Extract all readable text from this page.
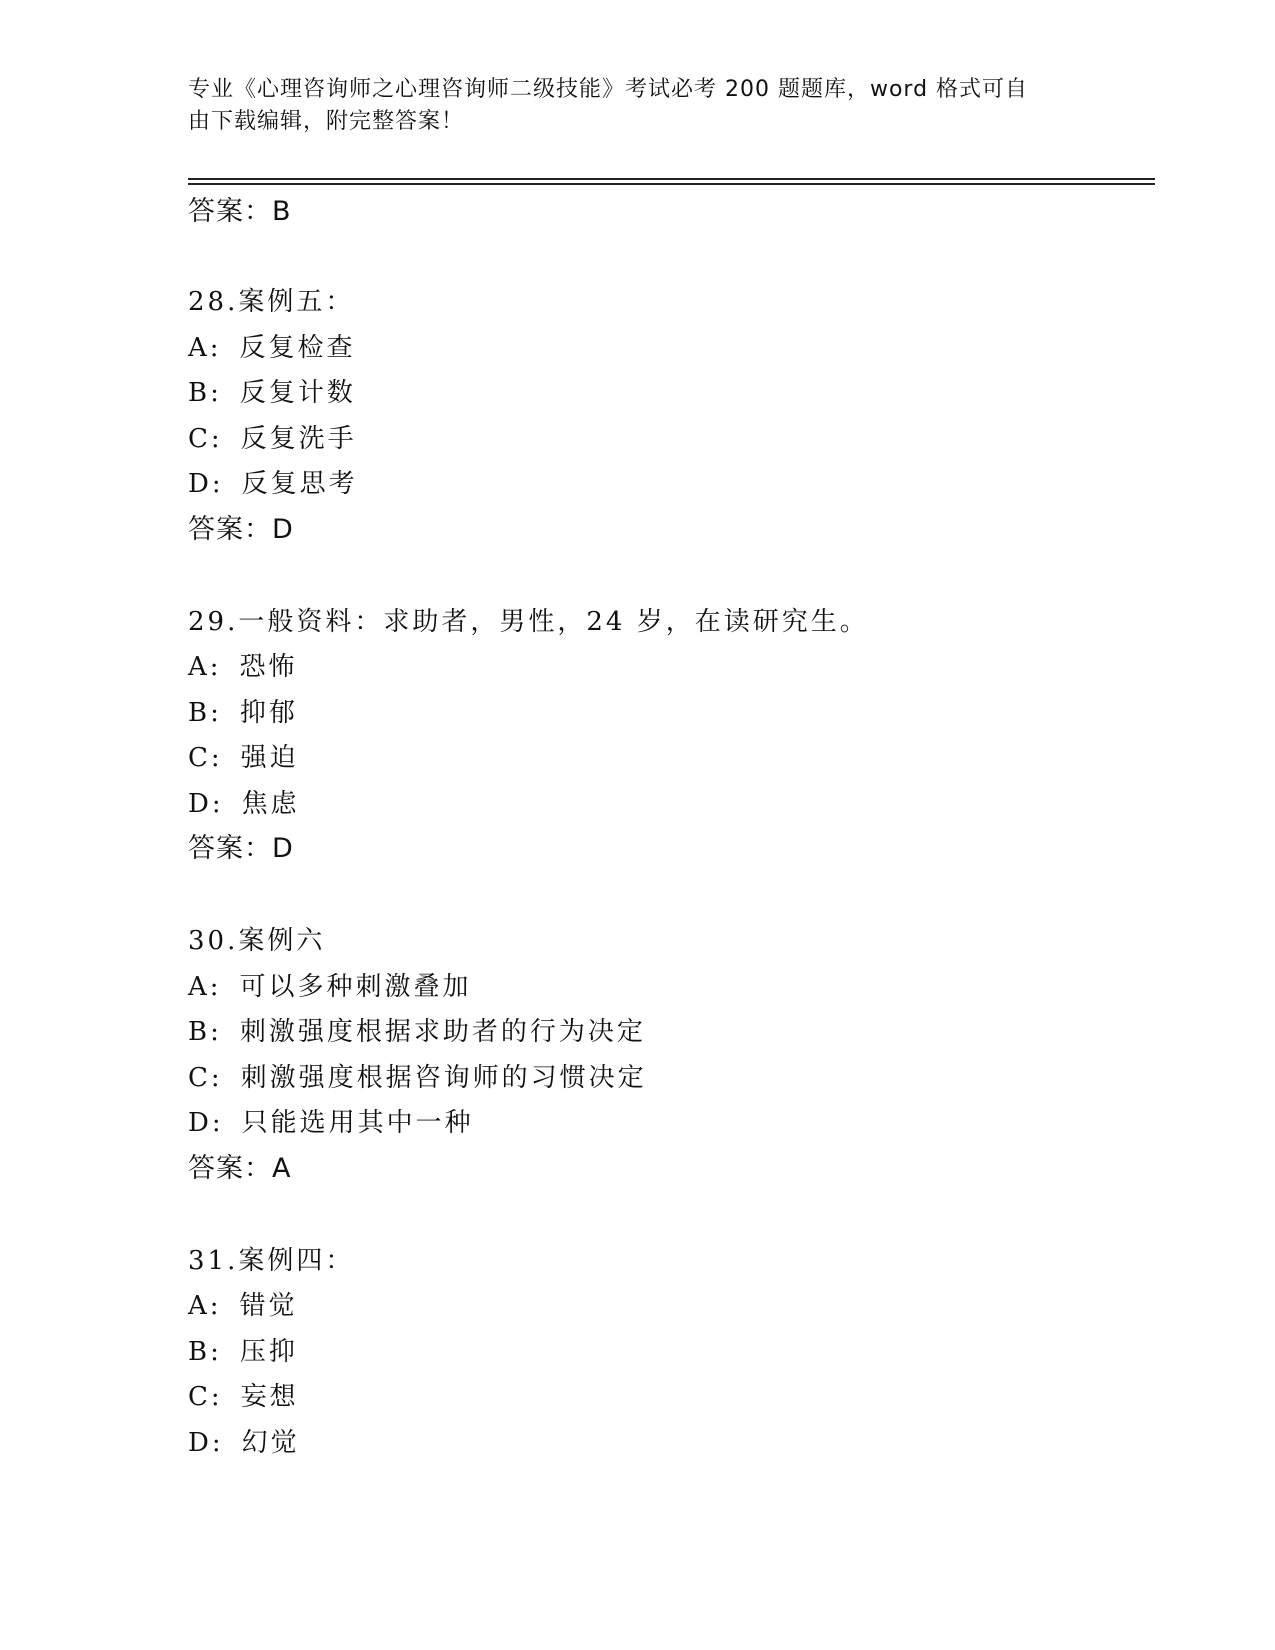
专业《心理咨询师之心理咨询师二级技能》考试必考 200 题题库，word 格式可自
由下载编辑，附完整答案！
答案：B
28.案例五：
A: 反复检查
B: 反复计数
C: 反复洗手
D: 反复思考
答案：D
29.一般资料：求助者，男性，24 岁，在读研究生。
A: 恐怖
B: 抑郁
C: 强迫
D: 焦虑
答案：D
30.案例六
A: 可以多种刺激叠加
B: 刺激强度根据求助者的行为决定
C: 刺激强度根据咨询师的习惯决定
D: 只能选用其中一种
答案：A
31.案例四：
A: 错觉
B: 压抑
C: 妄想
D: 幻觉
